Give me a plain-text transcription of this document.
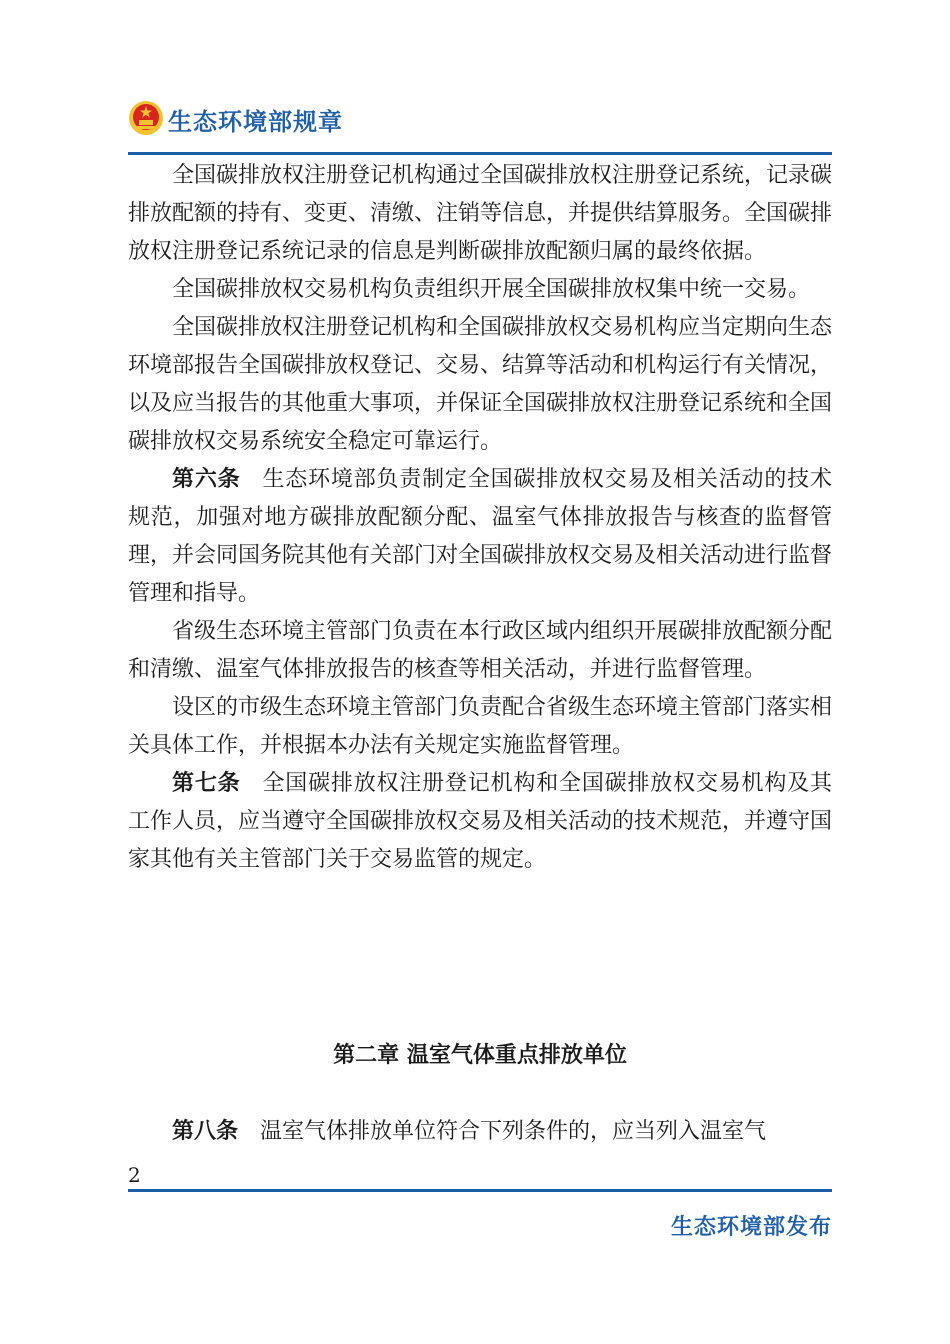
生态环境部规章

全国碳排放权注册登记机构通过全国碳排放权注册登记系统，记录碳排放配额的持有、变更、清缴、注销等信息，并提供结算服务。全国碳排放权注册登记系统记录的信息是判断碳排放配额归属的最终依据。

全国碳排放权交易机构负责组织开展全国碳排放权集中统一交易。

全国碳排放权注册登记机构和全国碳排放权交易机构应当定期向生态环境部报告全国碳排放权登记、交易、结算等活动和机构运行有关情况，以及应当报告的其他重大事项，并保证全国碳排放权注册登记系统和全国碳排放权交易系统安全稳定可靠运行。

第六条 生态环境部负责制定全国碳排放权交易及相关活动的技术规范，加强对地方碳排放配额分配、温室气体排放报告与核查的监督管理，并会同国务院其他有关部门对全国碳排放权交易及相关活动进行监督管理和指导。

省级生态环境主管部门负责在本行政区域内组织开展碳排放配额分配和清缴、温室气体排放报告的核查等相关活动，并进行监督管理。

设区的市级生态环境主管部门负责配合省级生态环境主管部门落实相关具体工作，并根据本办法有关规定实施监督管理。

第七条 全国碳排放权注册登记机构和全国碳排放权交易机构及其工作人员，应当遵守全国碳排放权交易及相关活动的技术规范，并遵守国家其他有关主管部门关于交易监管的规定。

第二章 温室气体重点排放单位

第八条 温室气体排放单位符合下列条件的，应当列入温室气

2
生态环境部发布
